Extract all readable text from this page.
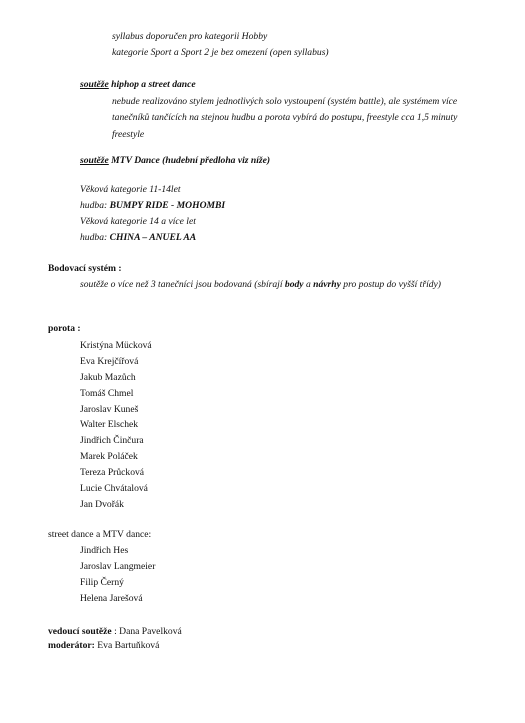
• syllabus doporučen pro kategorii Hobby
• kategorie Sport a Sport 2 je bez omezení (open syllabus)
• soutěže hiphop a street dance
• nebude realizováno stylem jednotlivých solo vystoupení (systém battle), ale systémem více tanečníků tančících na stejnou hudbu a porota vybírá do postupu, freestyle cca 1,5 minuty
• freestyle
• soutěže MTV Dance (hudební předloha viz níže)
Věková kategorie 11-14let
hudba: BUMPY RIDE - MOHOMBI
Věková kategorie 14 a více let
hudba: CHINA – ANUEL AA
Bodovací systém :
• soutěže o více než 3 tanečníci jsou bodovaná (sbírají body a návrhy pro postup do vyšší třídy)
porota :
• Kristýna Mücková
• Eva Krejčířová
• Jakub Mazůch
• Tomáš Chmel
• Jaroslav Kuneš
• Walter Elschek
• Jindřich Činčura
• Marek Poláček
• Tereza Průcková
• Lucie Chvátalová
• Jan Dvořák
street dance a MTV dance:
• Jindřich Hes
• Jaroslav Langmeier
• Filip Černý
• Helena Jarešová
vedoucí soutěže : Dana Pavelková
moderátor: Eva Bartuňková
